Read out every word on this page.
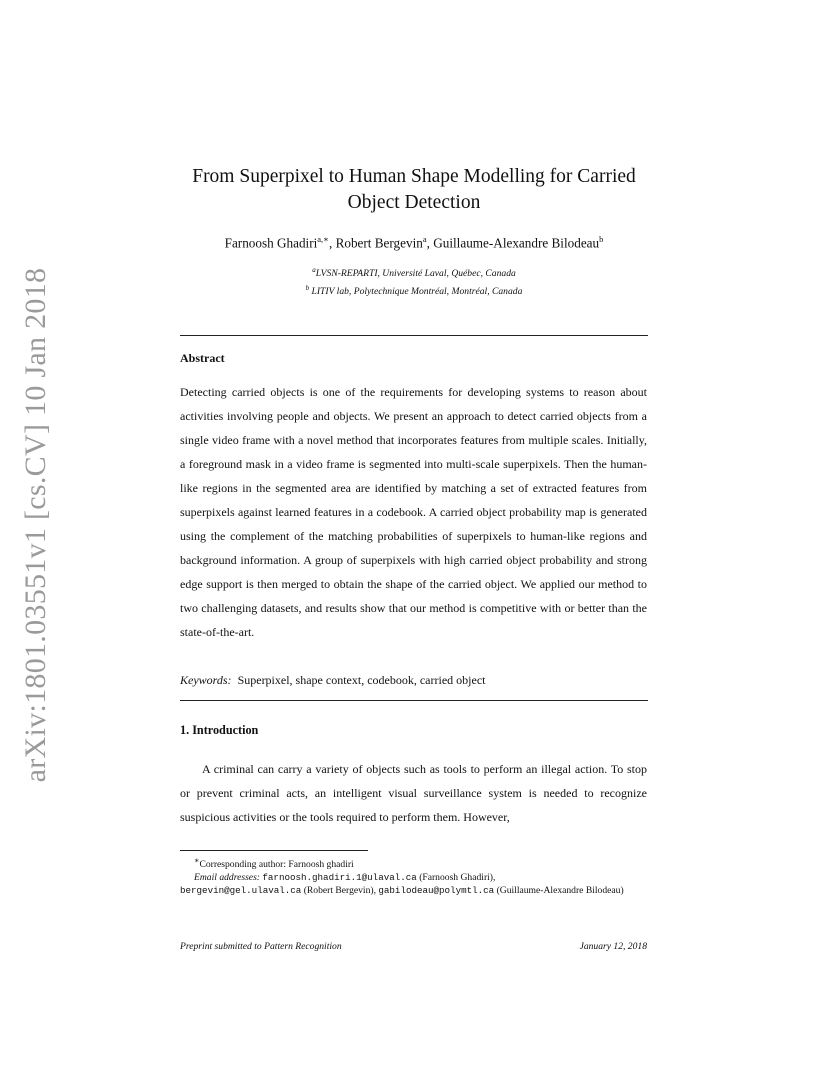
arXiv:1801.03551v1 [cs.CV] 10 Jan 2018
From Superpixel to Human Shape Modelling for Carried
Object Detection
Farnoosh Ghadiri$^{a,∗}$, Robert Bergevin$^a$, Guillaume-Alexandre Bilodeau$^b$
$^a$LVSN-REPARTI, Université Laval, Québec, Canada
$^b$ LITIV lab, Polytechnique Montréal, Montréal, Canada
Abstract
Detecting carried objects is one of the requirements for developing systems to reason about activities involving people and objects. We present an approach to detect carried objects from a single video frame with a novel method that incorporates features from multiple scales. Initially, a foreground mask in a video frame is segmented into multi-scale superpixels. Then the human-like regions in the segmented area are identified by matching a set of extracted features from superpixels against learned features in a codebook. A carried object probability map is generated using the complement of the matching probabilities of superpixels to human-like regions and background information. A group of superpixels with high carried object probability and strong edge support is then merged to obtain the shape of the carried object. We applied our method to two challenging datasets, and results show that our method is competitive with or better than the state-of-the-art.
Keywords: Superpixel, shape context, codebook, carried object
1. Introduction
A criminal can carry a variety of objects such as tools to perform an illegal action. To stop or prevent criminal acts, an intelligent visual surveillance system is needed to recognize suspicious activities or the tools required to perform them. However,
∗Corresponding author: Farnoosh ghadiri
Email addresses: farnoosh.ghadiri.1@ulaval.ca (Farnoosh Ghadiri),
bergevin@gel.ulaval.ca (Robert Bergevin), gabilodeau@polymtl.ca (Guillaume-Alexandre Bilodeau)
Preprint submitted to Pattern Recognition	January 12, 2018
